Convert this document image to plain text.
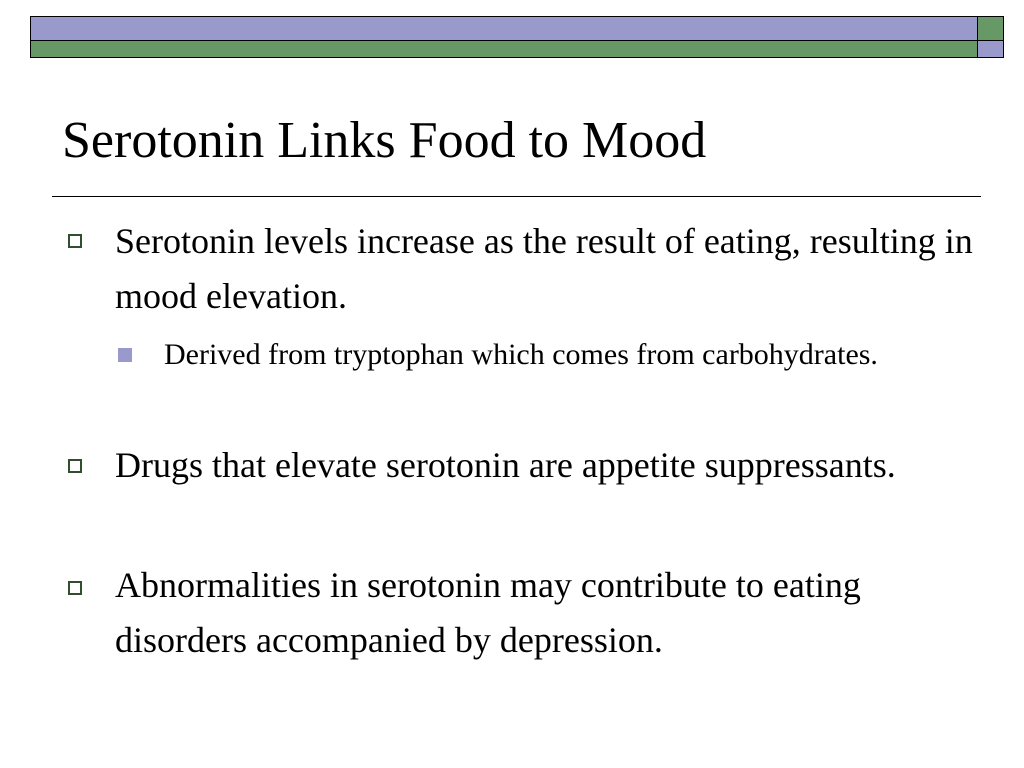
Serotonin Links Food to Mood

Serotonin levels increase as the result of eating, resulting in mood elevation.

Derived from tryptophan which comes from carbohydrates.

Drugs that elevate serotonin are appetite suppressants.

Abnormalities in serotonin may contribute to eating disorders accompanied by depression.
